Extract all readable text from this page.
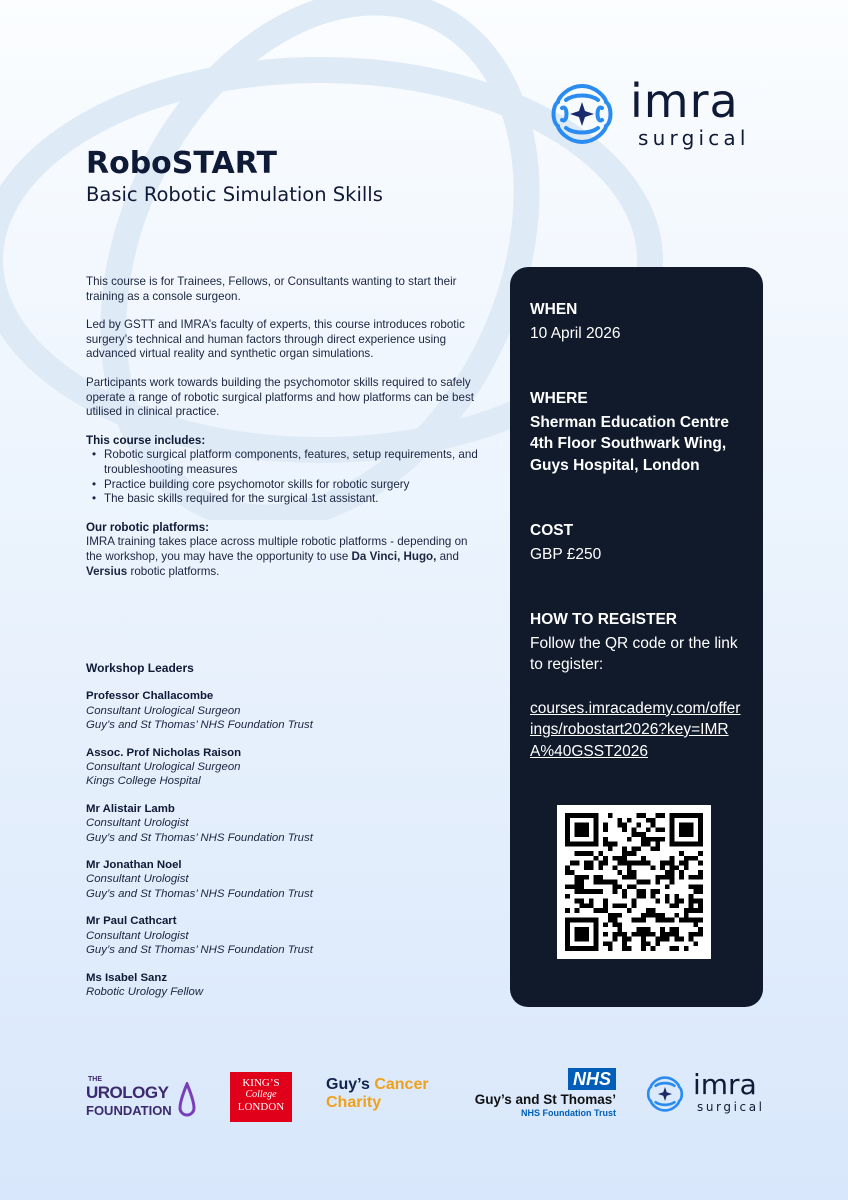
imra
surgical
RoboSTART
Basic Robotic Simulation Skills

This course is for Trainees, Fellows, or Consultants wanting to start their training as a console surgeon.

Led by GSTT and IMRA’s faculty of experts, this course introduces robotic surgery’s technical and human factors through direct experience using advanced virtual reality and synthetic organ simulations.

Participants work towards building the psychomotor skills required to safely operate a range of robotic surgical platforms and how platforms can be best utilised in clinical practice.

This course includes:
• Robotic surgical platform components, features, setup requirements, and troubleshooting measures
• Practice building core psychomotor skills for robotic surgery
• The basic skills required for the surgical 1st assistant.
Our robotic platforms:
IMRA training takes place across multiple robotic platforms - depending on the workshop, you may have the opportunity to use Da Vinci, Hugo, and Versius robotic platforms.
Workshop Leaders
Professor Challacombe
Consultant Urological Surgeon
Guy’s and St Thomas’ NHS Foundation Trust
Assoc. Prof Nicholas Raison
Consultant Urological Surgeon
Kings College Hospital
Mr Alistair Lamb
Consultant Urologist
Guy’s and St Thomas’ NHS Foundation Trust
Mr Jonathan Noel
Consultant Urologist
Guy’s and St Thomas’ NHS Foundation Trust
Mr Paul Cathcart
Consultant Urologist
Guy’s and St Thomas’ NHS Foundation Trust
Ms Isabel Sanz
Robotic Urology Fellow
WHEN
10 April 2026
WHERE
Sherman Education Centre
4th Floor Southwark Wing,
Guys Hospital, London
COST
GBP £250
HOW TO REGISTER
Follow the QR code or the link to register:
courses.imracademy.com/offerings/robostart2026?key=IMRA%40GSST2026
THE
UROLOGY
FOUNDATION
KING’S
College
LONDON
Guy’s Cancer
Charity
NHS
Guy’s and St Thomas’
NHS Foundation Trust
imra
surgical
